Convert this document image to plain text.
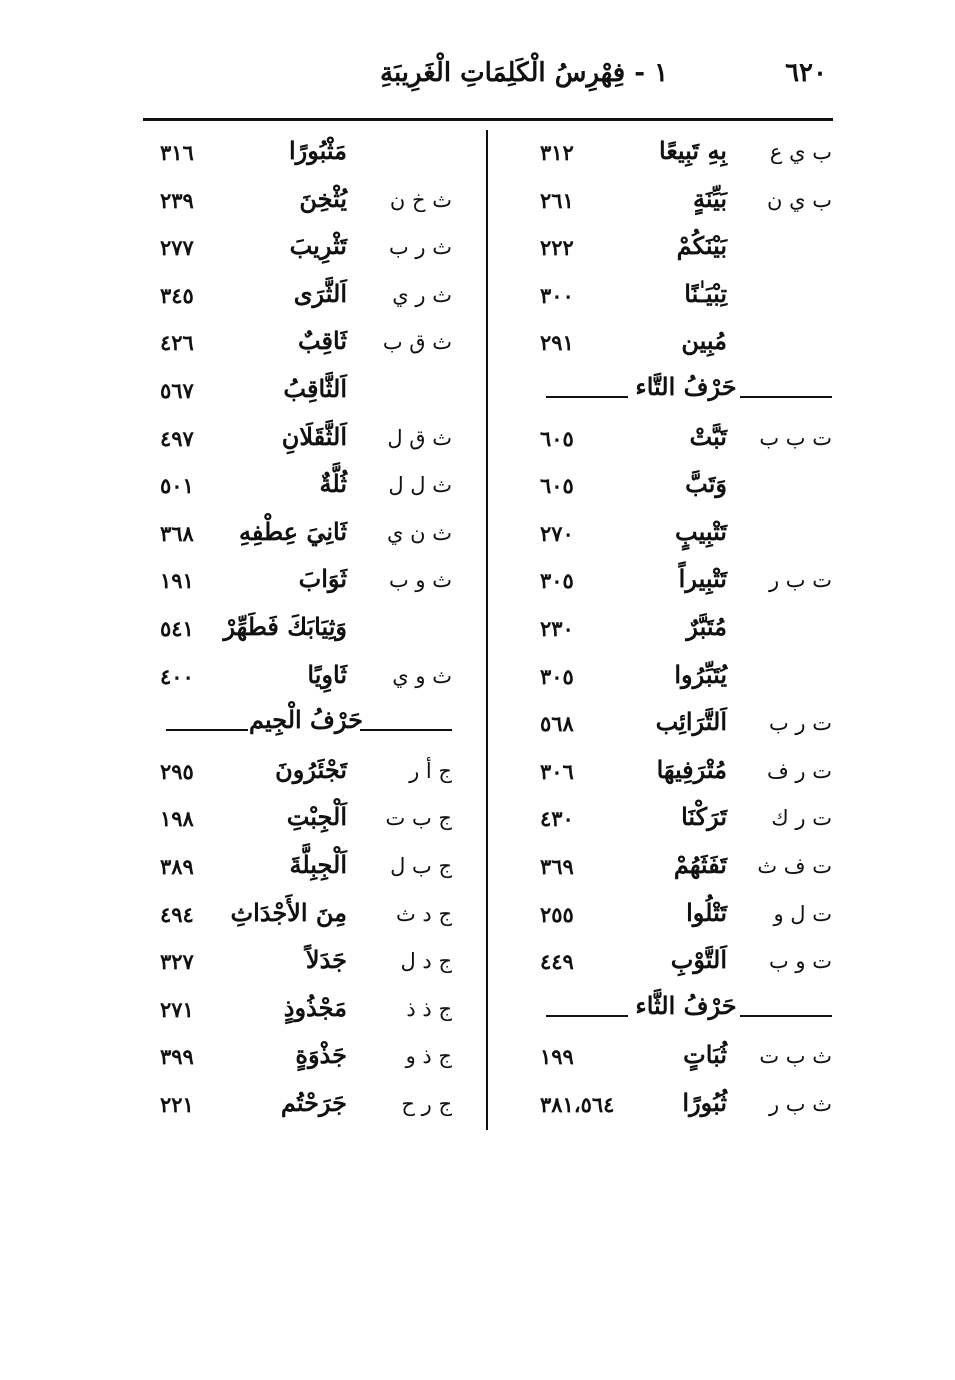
٦٢٠
١ - فِهْرِسُ الْكَلِمَاتِ الْغَرِيبَةِ
ب ي ع
بِهِ تَبِيعًا
٣١٢
ب ي ن
بَيِّنَةٍ
٢٦١
بَيْنَكُمْ
٢٢٢
تِبْيَـٰنًا
٣٠٠
مُبِين
٢٩١
حَرْفُ التَّاء
ت ب ب
تَبَّتْ
٦٠٥
وَتَبَّ
٦٠٥
تَتْبِيبٍ
٢٧٠
ت ب ر
تَتْبِيراً
٣٠٥
مُتَبَّرٌ
٢٣٠
يُتَبِّرُوا
٣٠٥
ت ر ب
اَلتَّرَائِب
٥٦٨
ت ر ف
مُتْرَفِيهَا
٣٠٦
ت ر ك
تَرَكْنَا
٤٣٠
ت ف ث
تَفَثَهُمْ
٣٦٩
ت ل و
تَتْلُوا
٢٥٥
ت و ب
اَلتَّوْبِ
٤٤٩
حَرْفُ الثَّاء
ث ب ت
ثُبَاتٍ
١٩٩
ث ب ر
ثُبُورًا
٣٨١،٥٦٤
مَثْبُورًا
٣١٦
ث خ ن
يُثْخِنَ
٢٣٩
ث ر ب
تَثْرِيبَ
٢٧٧
ث ر ي
اَلثَّرَى
٣٤٥
ث ق ب
ثَاقِبٌ
٤٢٦
اَلثَّاقِبُ
٥٦٧
ث ق ل
اَلثَّقَلَانِ
٤٩٧
ث ل ل
ثُلَّةٌ
٥٠١
ث ن ي
ثَانِيَ عِطْفِهِ
٣٦٨
ث و ب
ثَوَابَ
١٩١
وَثِيَابَكَ فَطَهِّرْ
٥٤١
ث و ي
ثَاوِيًا
٤٠٠
حَرْفُ الْجِيم
ج أ ر
تَجْئَرُونَ
٢٩٥
ج ب ت
اَلْجِبْتِ
١٩٨
ج ب ل
اَلْجِبِلَّةَ
٣٨٩
ج د ث
مِنَ الأَجْدَاثِ
٤٩٤
ج د ل
جَدَلاً
٣٢٧
ج ذ ذ
مَجْذُوذٍ
٢٧١
ج ذ و
جَذْوَةٍ
٣٩٩
ج ر ح
جَرَحْتُم
٢٢١
